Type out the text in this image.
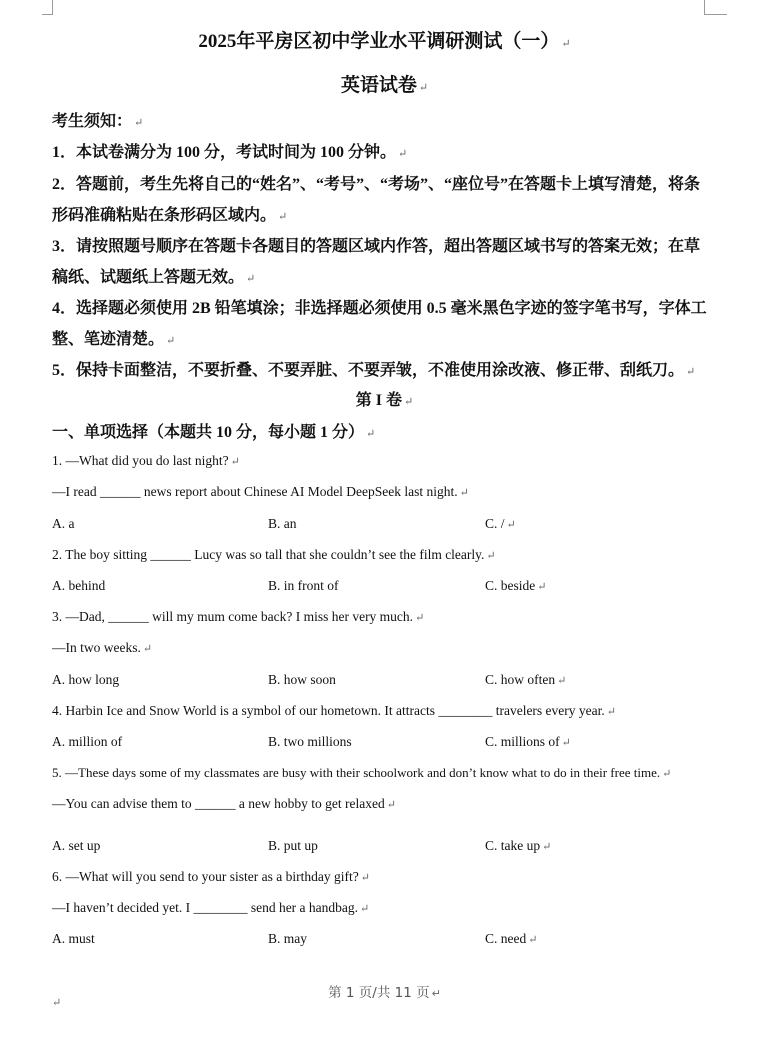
2025年平房区初中学业水平调研测试（一） ↵
英语试卷 ↵
考生须知： ↵
1．本试卷满分为 100 分，考试时间为 100 分钟。 ↵
2．答题前，考生先将自己的“姓名”、“考号”、“考场”、“座位号”在答题卡上填写清楚，将条
形码准确粘贴在条形码区域内。 ↵
3．请按照题号顺序在答题卡各题目的答题区域内作答，超出答题区域书写的答案无效；在草
稿纸、试题纸上答题无效。 ↵
4．选择题必须使用 2B 铅笔填涂；非选择题必须使用 0.5 毫米黑色字迹的签字笔书写，字体工
整、笔迹清楚。 ↵
5．保持卡面整洁，不要折叠、不要弄脏、不要弄皱，不准使用涂改液、修正带、刮纸刀。 ↵
第 I 卷 ↵
一、单项选择（本题共 10 分，每小题 1 分） ↵
1. —What did you do last night? ↵
—I read ______ news report about Chinese AI Model DeepSeek last night. ↵
A. a	B. an	C. / ↵
2. The boy sitting ______ Lucy was so tall that she couldn’t see the film clearly. ↵
A. behind	B. in front of	C. beside ↵
3. —Dad, ______ will my mum come back? I miss her very much. ↵
—In two weeks. ↵
A. how long	B. how soon	C. how often ↵
4. Harbin Ice and Snow World is a symbol of our hometown. It attracts ________ travelers every year. ↵
A. million of	B. two millions	C. millions of ↵
5. —These days some of my classmates are busy with their schoolwork and don’t know what to do in their free time. ↵
—You can advise them to ______ a new hobby to get relaxed ↵
A. set up	B. put up	C. take up ↵
6. —What will you send to your sister as a birthday gift? ↵
—I haven’t decided yet. I ________ send her a handbag. ↵
A. must	B. may	C. need ↵
第 1 页/共 11 页 ↵
↵
